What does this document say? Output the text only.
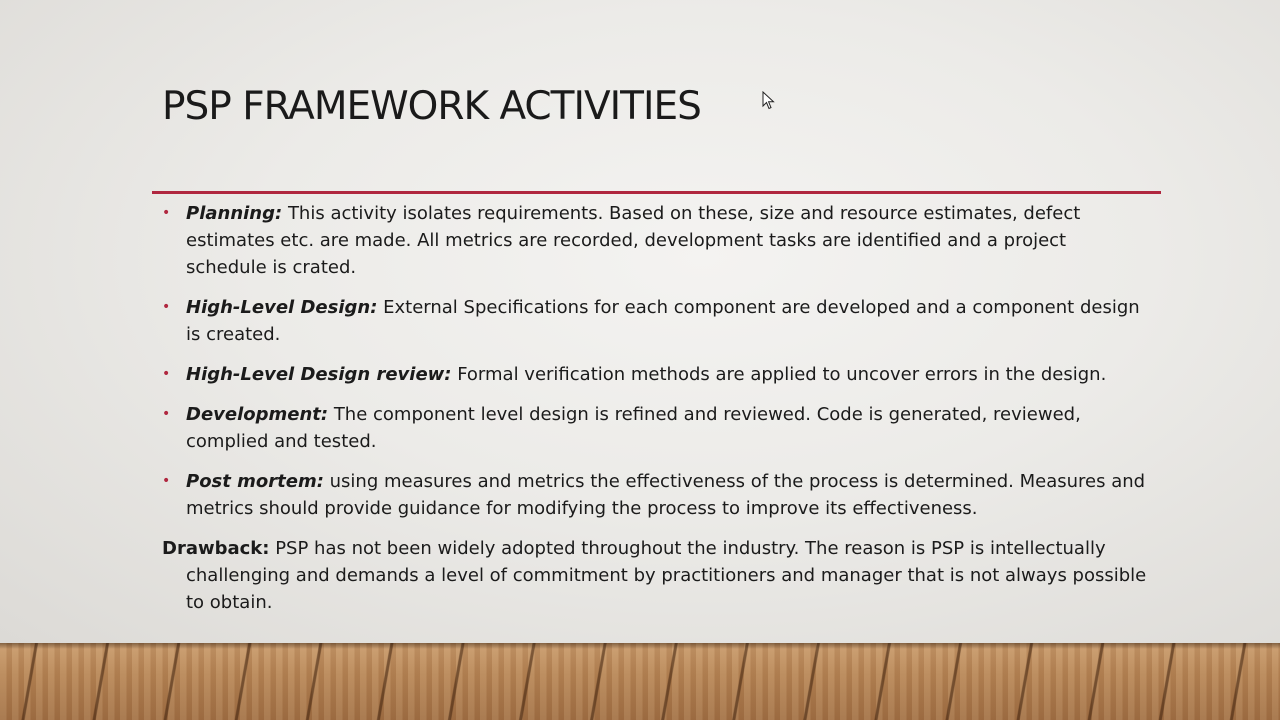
PSP FRAMEWORK ACTIVITIES
• Planning: This activity isolates requirements. Based on these, size and resource estimates, defect estimates etc. are made. All metrics are recorded, development tasks are identified and a project schedule is crated.
• High-Level Design: External Specifications for each component are developed and a component design is created.
• High-Level Design review: Formal verification methods are applied to uncover errors in the design.
• Development: The component level design is refined and reviewed. Code is generated, reviewed, complied and tested.
• Post mortem: using measures and metrics the effectiveness of the process is determined. Measures and metrics should provide guidance for modifying the process to improve its effectiveness.
Drawback: PSP has not been widely adopted throughout the industry. The reason is PSP is intellectually challenging and demands a level of commitment by practitioners and manager that is not always possible to obtain.
